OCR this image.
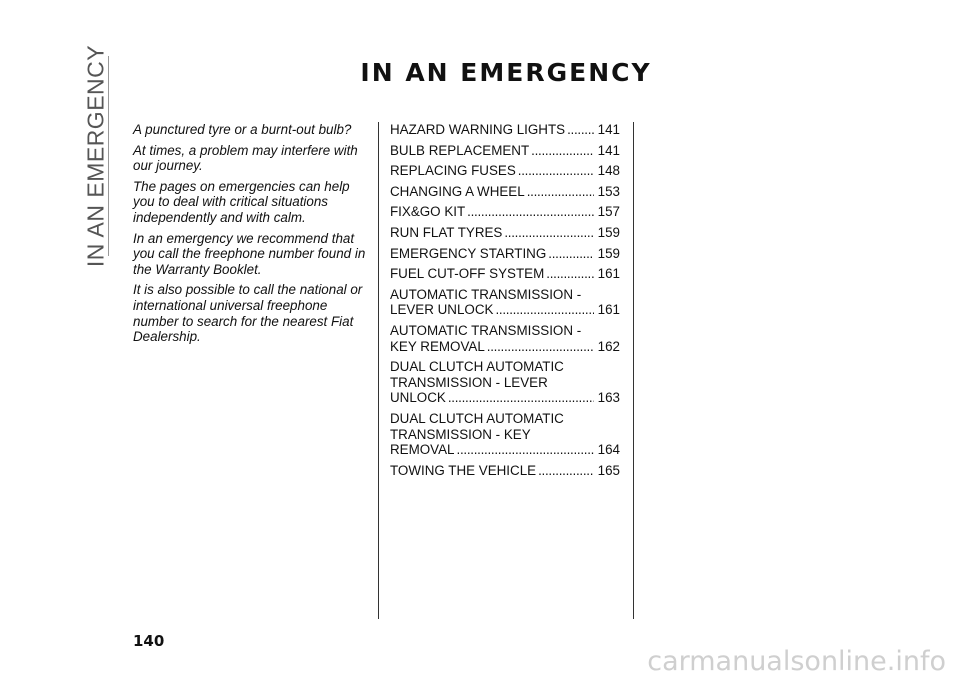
IN AN EMERGENCY	IN AN EMERGENCY

A punctured tyre or a burnt-out bulb?

At times, a problem may interfere with our journey.

The pages on emergencies can help you to deal with critical situations independently and with calm.

In an emergency we recommend that you call the freephone number found in the Warranty Booklet.

It is also possible to call the national or international universal freephone number to search for the nearest Fiat Dealership.

HAZARD WARNING LIGHTS . . . 141
BULB REPLACEMENT . . .	141
REPLACING FUSES . . .	148
CHANGING A WHEEL . . .	153
FIX&GO KIT . . .	157
RUN FLAT TYRES . . .	159
EMERGENCY STARTING . . .	159
FUEL CUT-OFF SYSTEM . . .	161
AUTOMATIC TRANSMISSION -
LEVER UNLOCK . . .	161
AUTOMATIC TRANSMISSION -
KEY REMOVAL . . .	162
DUAL CLUTCH AUTOMATIC
TRANSMISSION - LEVER
UNLOCK . . .	163
DUAL CLUTCH AUTOMATIC
TRANSMISSION - KEY
REMOVAL . . .	164
TOWING THE VEHICLE . . .	165
140
carmanualsonline.info
